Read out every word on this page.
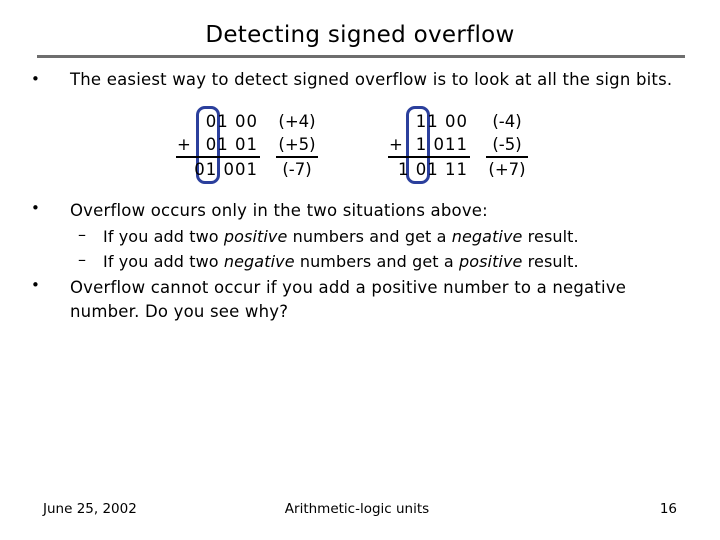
Detecting signed overflow
• The easiest way to detect signed overflow is to look at all the sign bits.
01 00
+ 01 01
01 001
(+4)
(+5)
(-7)
11 00
+ 1 011
1 01 11
(-4)
(-5)
(+7)
• Overflow occurs only in the two situations above:
– If you add two positive numbers and get a negative result.
– If you add two negative numbers and get a positive result.
• Overflow cannot occur if you add a positive number to a negative
number. Do you see why?
June 25, 2002	Arithmetic-logic units	16
